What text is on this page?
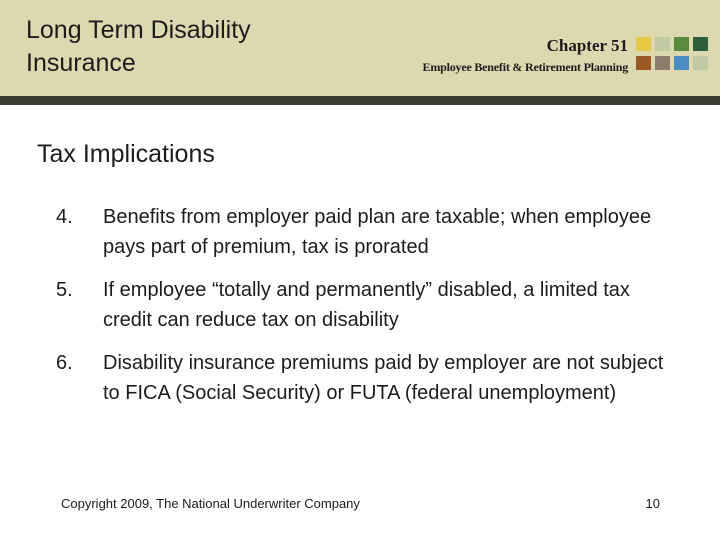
Long Term Disability
Insurance
Chapter 51
Employee Benefit & Retirement Planning
Tax Implications
4. Benefits from employer paid plan are taxable; when employee pays part of premium, tax is prorated
5. If employee “totally and permanently” disabled, a limited tax credit can reduce tax on disability
6. Disability insurance premiums paid by employer are not subject to FICA (Social Security) or FUTA (federal unemployment)
Copyright 2009, The National Underwriter Company	10
